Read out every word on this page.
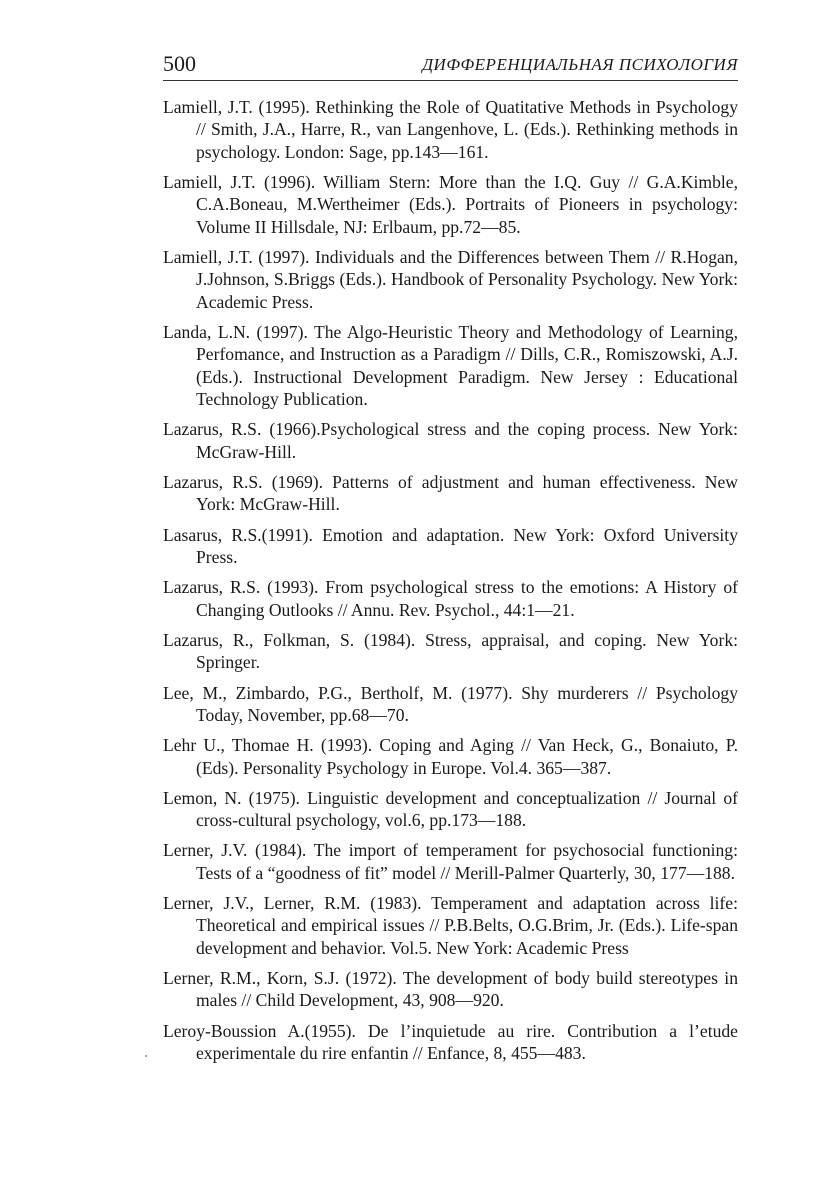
500	ДИФФЕРЕНЦИАЛЬНАЯ ПСИХОЛОГИЯ
Lamiell, J.T. (1995). Rethinking the Role of Quatitative Methods in Psychology // Smith, J.A., Harre, R., van Langenhove, L. (Eds.). Rethinking methods in psychology. London: Sage, pp.143—161.
Lamiell, J.T. (1996). William Stern: More than the I.Q. Guy // G.A.Kimble, C.A.Boneau, M.Wertheimer (Eds.). Portraits of Pioneers in psychology: Volume II Hillsdale, NJ: Erlbaum, pp.72—85.
Lamiell, J.T. (1997). Individuals and the Differences between Them // R.Hogan, J.Johnson, S.Briggs (Eds.). Handbook of Personality Psychology. New York: Academic Press.
Landa, L.N. (1997). The Algo-Heuristic Theory and Methodology of Learning, Perfomance, and Instruction as a Paradigm // Dills, C.R., Romiszowski, A.J. (Eds.). Instructional Development Paradigm. New Jersey : Educational Technology Publication.
Lazarus, R.S. (1966).Psychological stress and the coping process. New York: McGraw-Hill.
Lazarus, R.S. (1969). Patterns of adjustment and human effectiveness. New York: McGraw-Hill.
Lasarus, R.S.(1991). Emotion and adaptation. New York: Oxford University Press.
Lazarus, R.S. (1993). From psychological stress to the emotions: A History of Changing Outlooks // Annu. Rev. Psychol., 44:1—21.
Lazarus, R., Folkman, S. (1984). Stress, appraisal, and coping. New York: Springer.
Lee, M., Zimbardo, P.G., Bertholf, M. (1977). Shy murderers // Psychology Today, November, pp.68—70.
Lehr U., Thomae H. (1993). Coping and Aging // Van Heck, G., Bonaiuto, P. (Eds). Personality Psychology in Europe. Vol.4. 365—387.
Lemon, N. (1975). Linguistic development and conceptualization // Journal of cross-cultural psychology, vol.6, pp.173—188.
Lerner, J.V. (1984). The import of temperament for psychosocial functioning: Tests of a “goodness of fit” model // Merill-Palmer Quarterly, 30, 177—188.
Lerner, J.V., Lerner, R.M. (1983). Temperament and adaptation across life: Theoretical and empirical issues // P.B.Belts, O.G.Brim, Jr. (Eds.). Life-span development and behavior. Vol.5. New York: Academic Press
Lerner, R.M., Korn, S.J. (1972). The development of body build stereotypes in males // Child Development, 43, 908—920.
Leroy-Boussion A.(1955). De l’inquietude au rire. Contribution a l’etude experimentale du rire enfantin // Enfance, 8, 455—483.
